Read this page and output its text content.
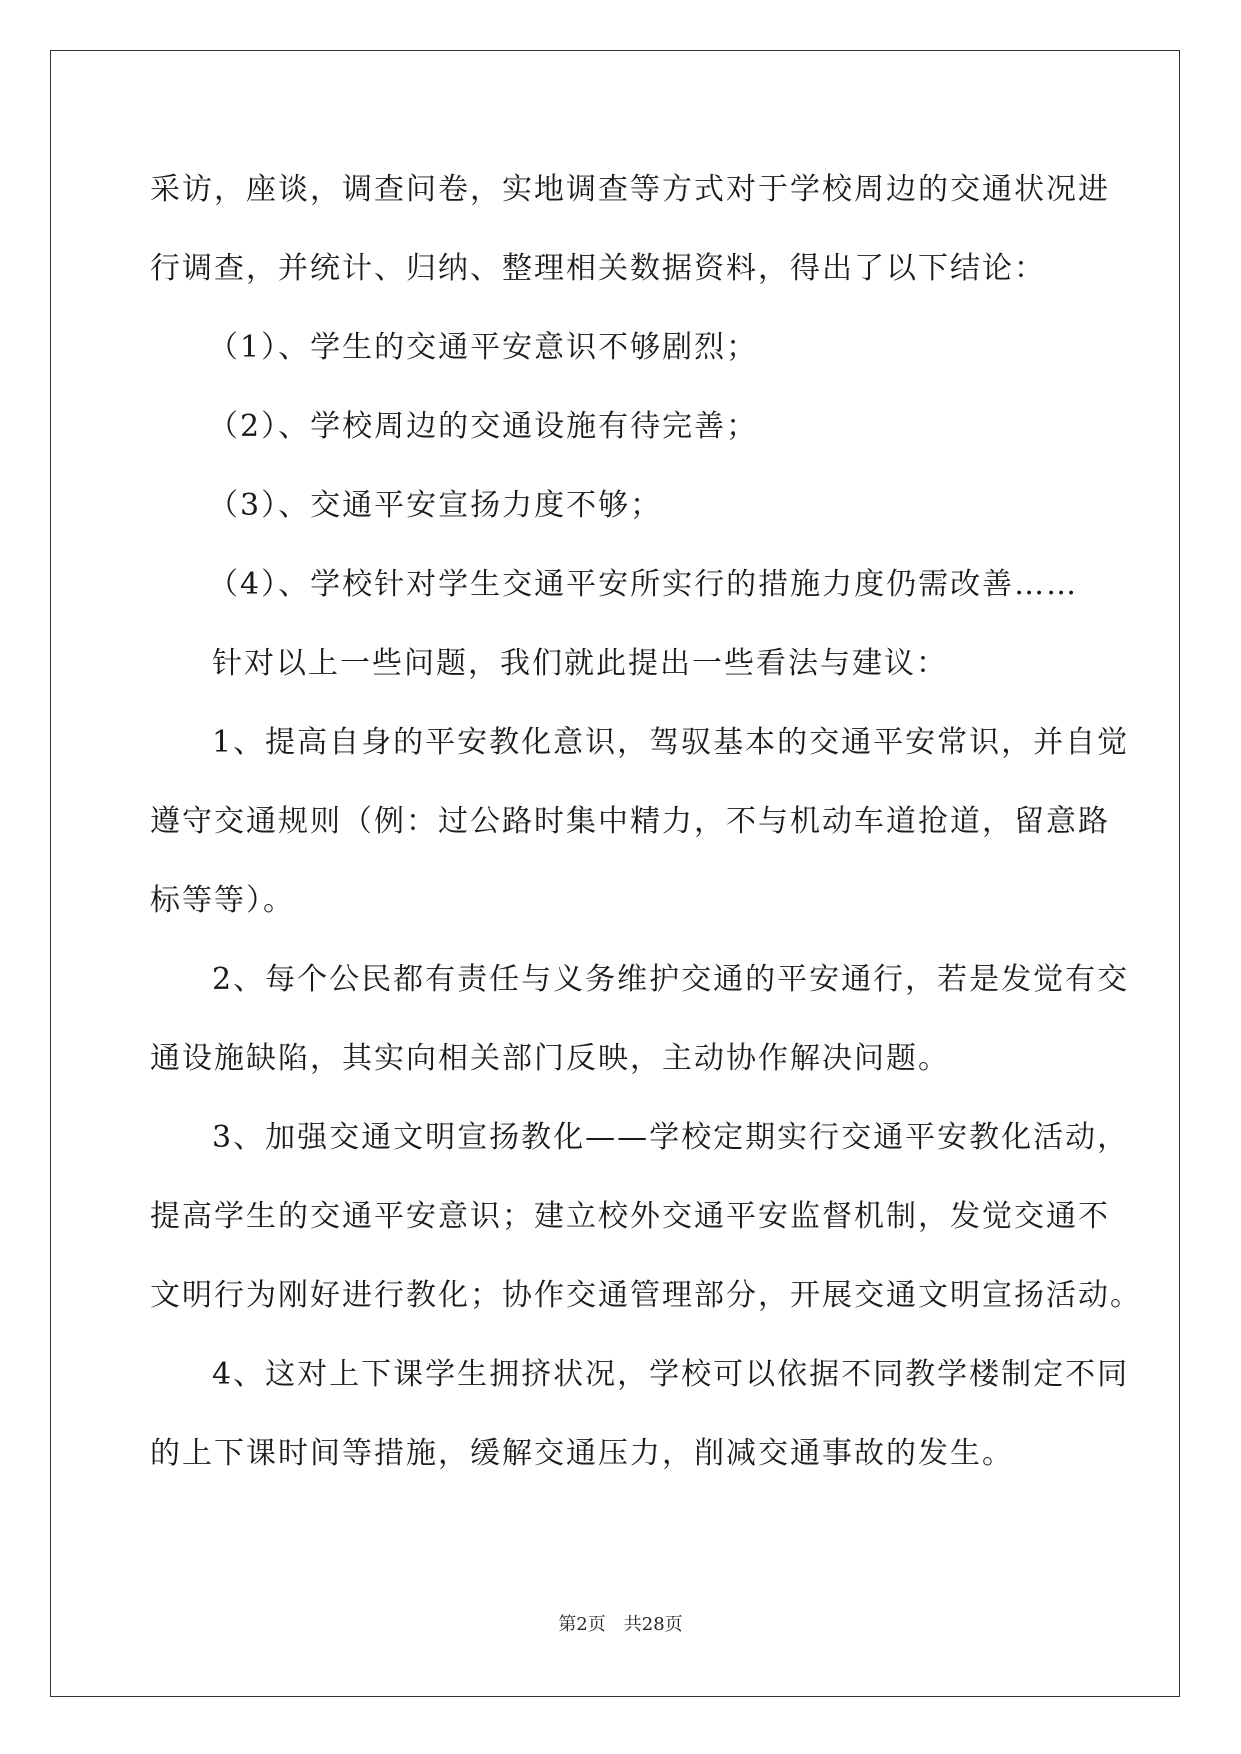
采访，座谈，调查问卷，实地调查等方式对于学校周边的交通状况进
行调查，并统计、归纳、整理相关数据资料，得出了以下结论：
（1）、学生的交通平安意识不够剧烈；
（2）、学校周边的交通设施有待完善；
（3）、交通平安宣扬力度不够；
（4）、学校针对学生交通平安所实行的措施力度仍需改善……
针对以上一些问题，我们就此提出一些看法与建议：
1、提高自身的平安教化意识，驾驭基本的交通平安常识，并自觉
遵守交通规则（例：过公路时集中精力，不与机动车道抢道，留意路
标等等）。
2、每个公民都有责任与义务维护交通的平安通行，若是发觉有交
通设施缺陷，其实向相关部门反映，主动协作解决问题。
3、加强交通文明宣扬教化——学校定期实行交通平安教化活动，
提高学生的交通平安意识；建立校外交通平安监督机制，发觉交通不
文明行为刚好进行教化；协作交通管理部分，开展交通文明宣扬活动。
4、这对上下课学生拥挤状况，学校可以依据不同教学楼制定不同
的上下课时间等措施，缓解交通压力，削减交通事故的发生。
第2页 共28页
